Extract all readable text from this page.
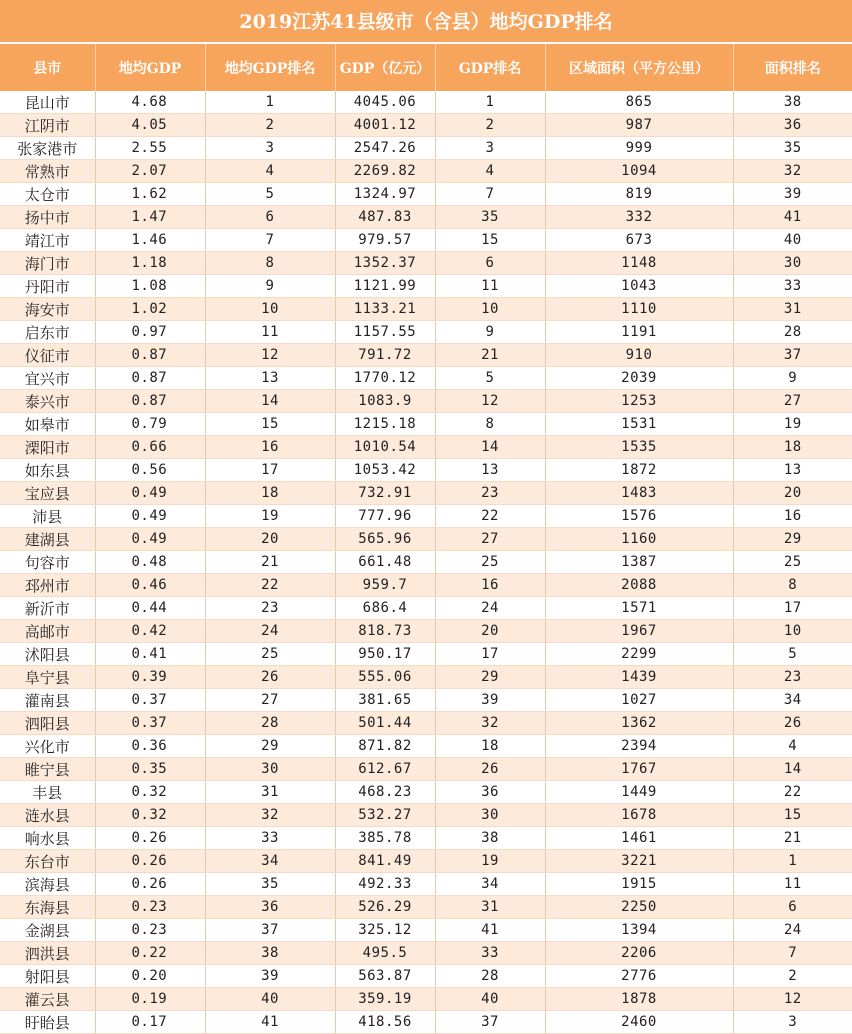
2019江苏41县级市（含县）地均GDP排名
县市	地均GDP	地均GDP排名	GDP（亿元）	GDP排名	区域面积（平方公里）	面积排名
昆山市	4.68	1	4045.06	1	865	38
江阴市	4.05	2	4001.12	2	987	36
张家港市	2.55	3	2547.26	3	999	35
常熟市	2.07	4	2269.82	4	1094	32
太仓市	1.62	5	1324.97	7	819	39
扬中市	1.47	6	487.83	35	332	41
靖江市	1.46	7	979.57	15	673	40
海门市	1.18	8	1352.37	6	1148	30
丹阳市	1.08	9	1121.99	11	1043	33
海安市	1.02	10	1133.21	10	1110	31
启东市	0.97	11	1157.55	9	1191	28
仪征市	0.87	12	791.72	21	910	37
宜兴市	0.87	13	1770.12	5	2039	9
泰兴市	0.87	14	1083.9	12	1253	27
如皋市	0.79	15	1215.18	8	1531	19
溧阳市	0.66	16	1010.54	14	1535	18
如东县	0.56	17	1053.42	13	1872	13
宝应县	0.49	18	732.91	23	1483	20
沛县	0.49	19	777.96	22	1576	16
建湖县	0.49	20	565.96	27	1160	29
句容市	0.48	21	661.48	25	1387	25
邳州市	0.46	22	959.7	16	2088	8
新沂市	0.44	23	686.4	24	1571	17
高邮市	0.42	24	818.73	20	1967	10
沭阳县	0.41	25	950.17	17	2299	5
阜宁县	0.39	26	555.06	29	1439	23
灌南县	0.37	27	381.65	39	1027	34
泗阳县	0.37	28	501.44	32	1362	26
兴化市	0.36	29	871.82	18	2394	4
睢宁县	0.35	30	612.67	26	1767	14
丰县	0.32	31	468.23	36	1449	22
涟水县	0.32	32	532.27	30	1678	15
响水县	0.26	33	385.78	38	1461	21
东台市	0.26	34	841.49	19	3221	1
滨海县	0.26	35	492.33	34	1915	11
东海县	0.23	36	526.29	31	2250	6
金湖县	0.23	37	325.12	41	1394	24
泗洪县	0.22	38	495.5	33	2206	7
射阳县	0.20	39	563.87	28	2776	2
灌云县	0.19	40	359.19	40	1878	12
盱眙县	0.17	41	418.56	37	2460	3
